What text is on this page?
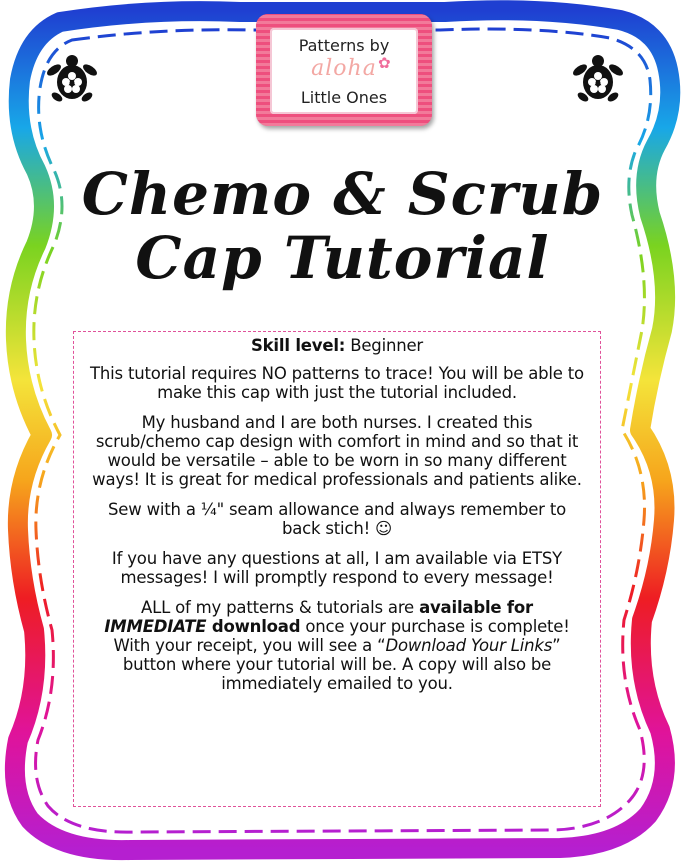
Patterns by
aloha ✿
Little Ones
Chemo & Scrub
Cap Tutorial

Skill level: Beginner

This tutorial requires NO patterns to trace! You will be able to make this cap with just the tutorial included.

My husband and I are both nurses. I created this scrub/chemo cap design with comfort in mind and so that it would be versatile – able to be worn in so many different ways! It is great for medical professionals and patients alike.

Sew with a ¼" seam allowance and always remember to back stich! ☺

If you have any questions at all, I am available via ETSY messages! I will promptly respond to every message!

ALL of my patterns & tutorials are available for IMMEDIATE download once your purchase is complete! With your receipt, you will see a “Download Your Links” button where your tutorial will be. A copy will also be immediately emailed to you.
